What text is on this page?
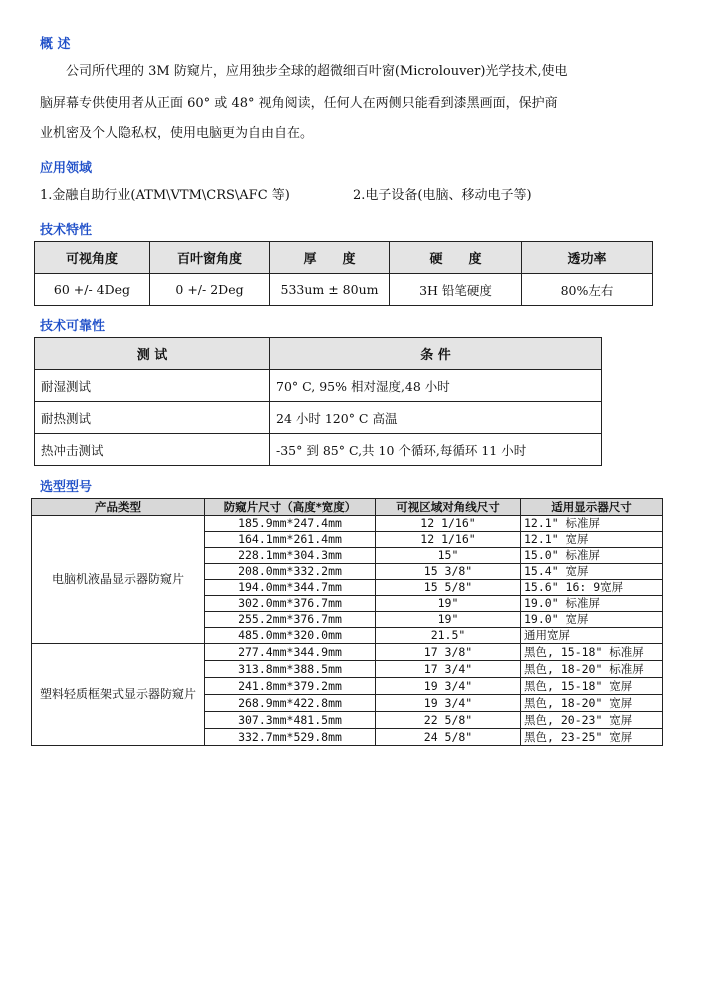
概 述
公司所代理的 3M 防窥片，应用独步全球的超微细百叶窗(Microlouver)光学技术,使电
脑屏幕专供使用者从正面 60° 或 48° 视角阅读，任何人在两侧只能看到漆黑画面，保护商
业机密及个人隐私权，使用电脑更为自由自在。
应用领域
1.金融自助行业(ATM\VTM\CRS\AFC 等)	2.电子设备(电脑、移动电子等)
技术特性
可视角度	百叶窗角度	厚　　度	硬　　度	透功率
60 +/- 4Deg	0 +/- 2Deg	533um ± 80um	3H 铅笔硬度	80%左右
技术可靠性
测 试	条 件
耐湿测试	70° C, 95% 相对湿度,48 小时
耐热测试	24 小时 120° C 高温
热冲击测试	-35° 到 85° C,共 10 个循环,每循环 11 小时
选型型号
产品类型	防窥片尺寸（高度*宽度）	可视区域对角线尺寸	适用显示器尺寸
电脑机液晶显示器防窥片	185.9mm*247.4mm	12 1/16"	12.1" 标准屏
	164.1mm*261.4mm	12 1/16"	12.1" 宽屏
	228.1mm*304.3mm	15"	15.0" 标准屏
	208.0mm*332.2mm	15 3/8"	15.4" 宽屏
	194.0mm*344.7mm	15 5/8"	15.6" 16: 9宽屏
	302.0mm*376.7mm	19"	19.0" 标准屏
	255.2mm*376.7mm	19"	19.0" 宽屏
	485.0mm*320.0mm	21.5"	通用宽屏
塑料轻质框架式显示器防窥片	277.4mm*344.9mm	17 3/8"	黑色, 15-18" 标准屏
	313.8mm*388.5mm	17 3/4"	黑色, 18-20" 标准屏
	241.8mm*379.2mm	19 3/4"	黑色, 15-18" 宽屏
	268.9mm*422.8mm	19 3/4"	黑色, 18-20" 宽屏
	307.3mm*481.5mm	22 5/8"	黑色, 20-23" 宽屏
	332.7mm*529.8mm	24 5/8"	黑色, 23-25" 宽屏
